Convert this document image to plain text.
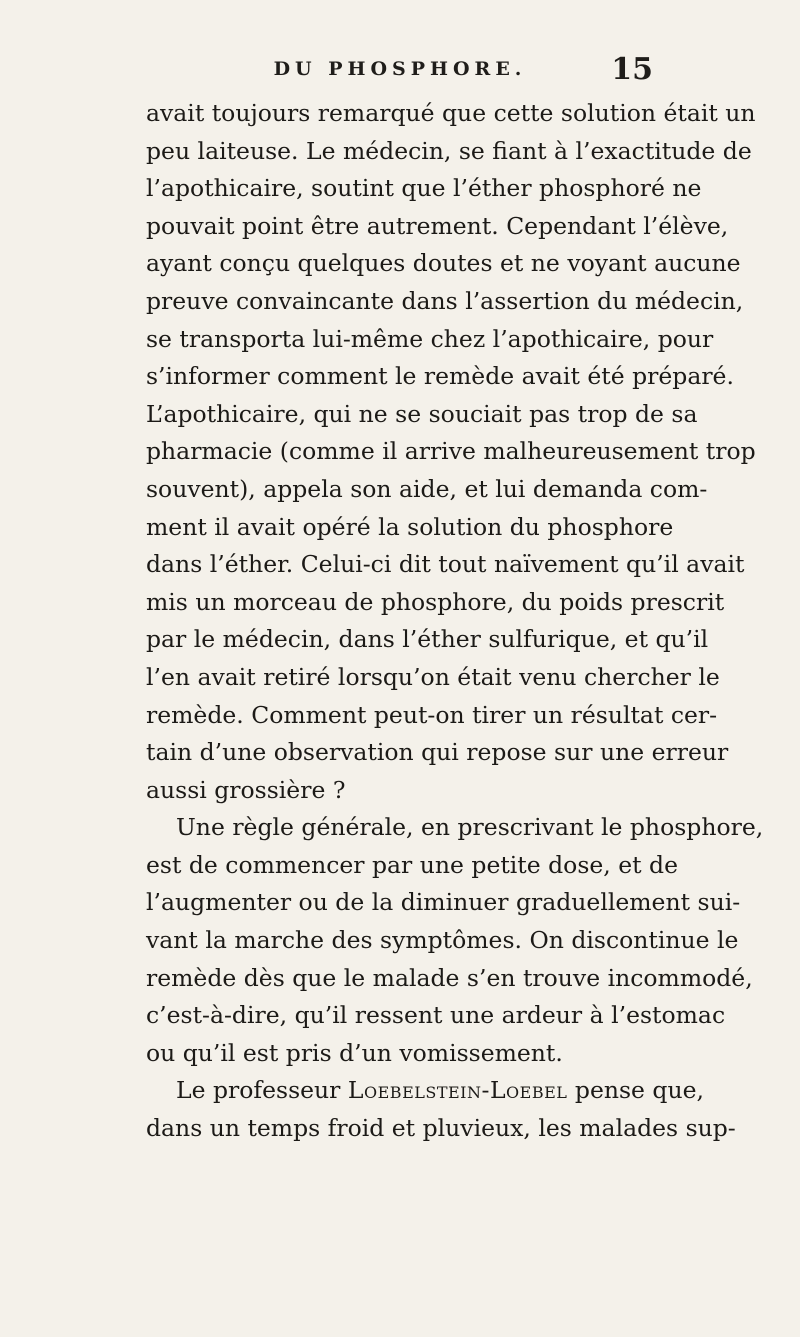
DU PHOSPHORE.	15
avait toujours remarqué que cette solution était un
peu laiteuse. Le médecin, se fiant à l’exactitude de
l’apothicaire, soutint que l’éther phosphoré ne
pouvait point être autrement. Cependant l’élève,
ayant conçu quelques doutes et ne voyant aucune
preuve convaincante dans l’assertion du médecin,
se transporta lui-même chez l’apothicaire, pour
s’informer comment le remède avait été préparé.
L’apothicaire, qui ne se souciait pas trop de sa
pharmacie (comme il arrive malheureusement trop
souvent), appela son aide, et lui demanda com-
ment il avait opéré la solution du phosphore
dans l’éther. Celui-ci dit tout naïvement qu’il avait
mis un morceau de phosphore, du poids prescrit
par le médecin, dans l’éther sulfurique, et qu’il
l’en avait retiré lorsqu’on était venu chercher le
remède. Comment peut-on tirer un résultat cer-
tain d’une observation qui repose sur une erreur
aussi grossière ?
Une règle générale, en prescrivant le phosphore,
est de commencer par une petite dose, et de
l’augmenter ou de la diminuer graduellement sui-
vant la marche des symptômes. On discontinue le
remède dès que le malade s’en trouve incommodé,
c’est-à-dire, qu’il ressent une ardeur à l’estomac
ou qu’il est pris d’un vomissement.
Le professeur Loebelstein-Loebel pense que,
dans un temps froid et pluvieux, les malades sup-
